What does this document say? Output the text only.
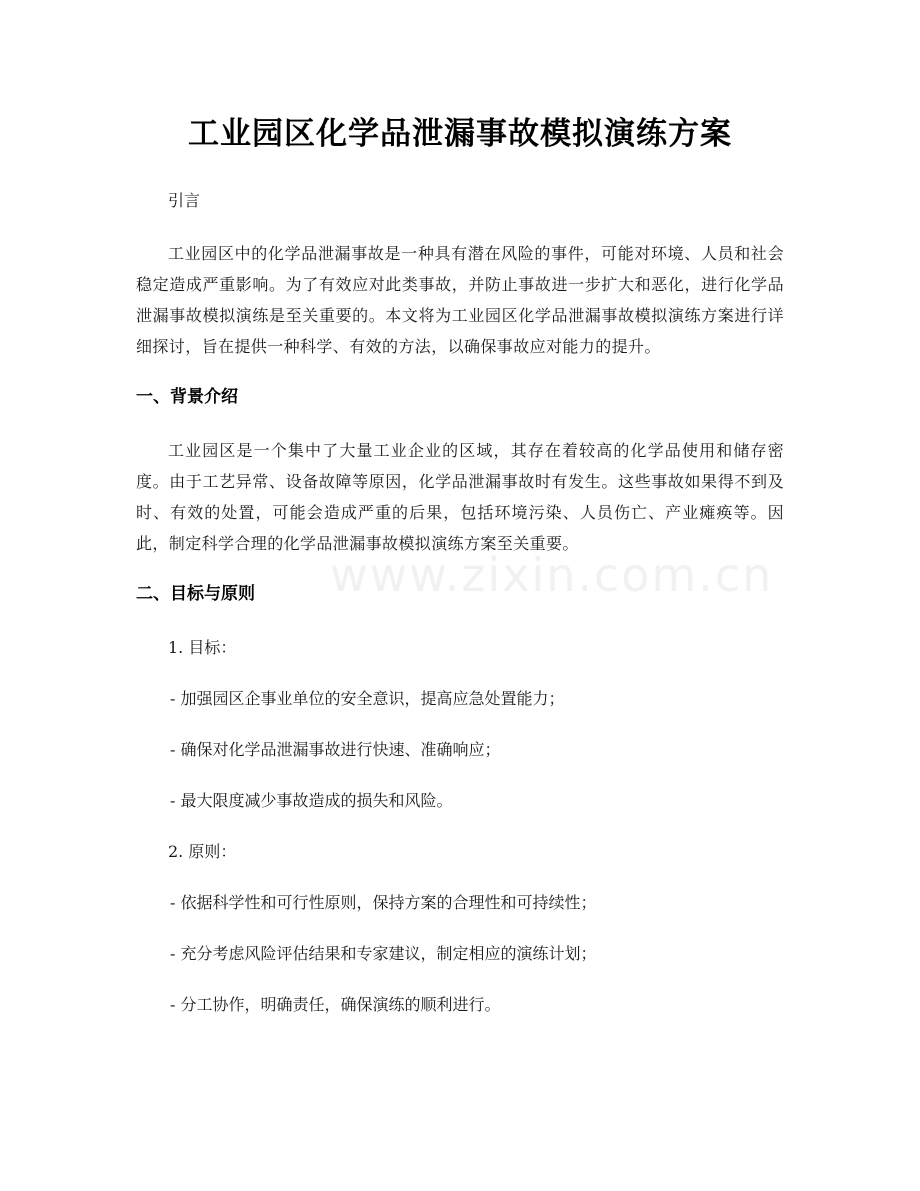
工业园区化学品泄漏事故模拟演练方案
www.zixin.com.cn

引言

工业园区中的化学品泄漏事故是一种具有潜在风险的事件，可能对环境、人员和社会稳定造成严重影响。为了有效应对此类事故，并防止事故进一步扩大和恶化，进行化学品泄漏事故模拟演练是至关重要的。本文将为工业园区化学品泄漏事故模拟演练方案进行详细探讨，旨在提供一种科学、有效的方法，以确保事故应对能力的提升。

一、背景介绍

工业园区是一个集中了大量工业企业的区域，其存在着较高的化学品使用和储存密度。由于工艺异常、设备故障等原因，化学品泄漏事故时有发生。这些事故如果得不到及时、有效的处置，可能会造成严重的后果，包括环境污染、人员伤亡、产业瘫痪等。因此，制定科学合理的化学品泄漏事故模拟演练方案至关重要。

二、目标与原则

1. 目标：

- 加强园区企事业单位的安全意识，提高应急处置能力；

- 确保对化学品泄漏事故进行快速、准确响应；

- 最大限度减少事故造成的损失和风险。

2. 原则：

- 依据科学性和可行性原则，保持方案的合理性和可持续性；

- 充分考虑风险评估结果和专家建议，制定相应的演练计划；

- 分工协作，明确责任，确保演练的顺利进行。
